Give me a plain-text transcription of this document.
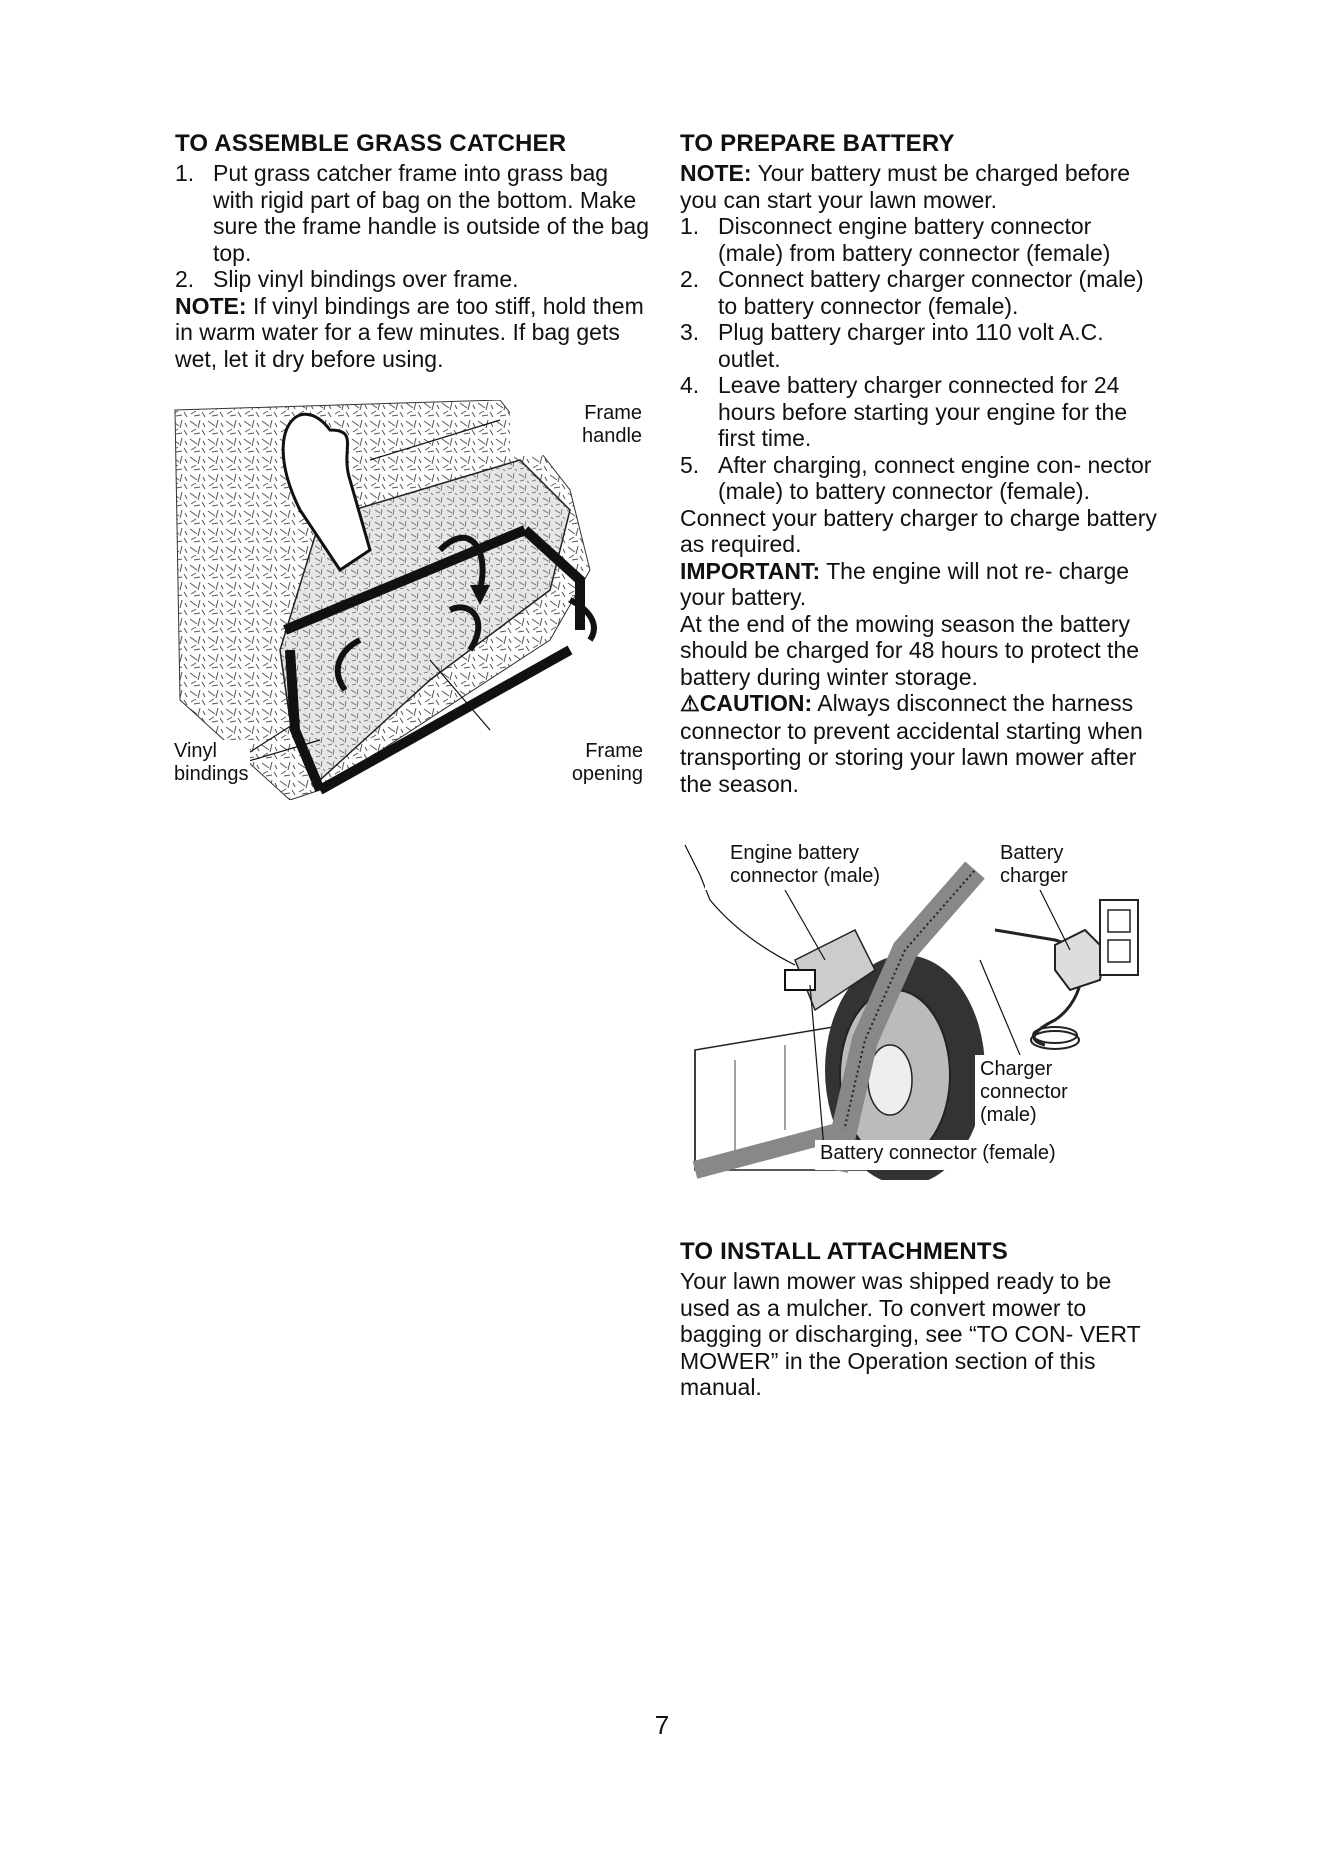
TO ASSEMBLE GRASS CATCHER
1. Put grass catcher frame into grass bag with rigid part of bag on the bottom. Make sure the frame handle is outside of the bag top.
2. Slip vinyl bindings over frame.

NOTE: If vinyl bindings are too stiff, hold them in warm water for a few minutes. If bag gets wet, let it dry before using.

Frame
handle
Vinyl
bindings
Frame
opening
TO PREPARE BATTERY

NOTE: Your battery must be charged before you can start your lawn mower.

1. Disconnect engine battery connector (male) from battery connector (female)
2. Connect battery charger connector (male) to battery connector (female).
3. Plug battery charger into 110 volt A.C. outlet.
4. Leave battery charger connected for 24 hours before starting your engine for the first time.
5. After charging, connect engine con- nector (male) to battery connector (female).

Connect your battery charger to charge battery as required.

IMPORTANT: The engine will not re- charge your battery.

At the end of the mowing season the battery should be charged for 48 hours to protect the battery during winter storage.

⚠CAUTION: Always disconnect the harness connector to prevent accidental starting when transporting or storing your lawn mower after the season.

Engine battery
connector (male)
Battery
charger
Charger
connector
(male)
Battery connector (female)
TO INSTALL ATTACHMENTS

Your lawn mower was shipped ready to be used as a mulcher. To convert mower to bagging or discharging, see “TO CON- VERT MOWER” in the Operation section of this manual.

7
